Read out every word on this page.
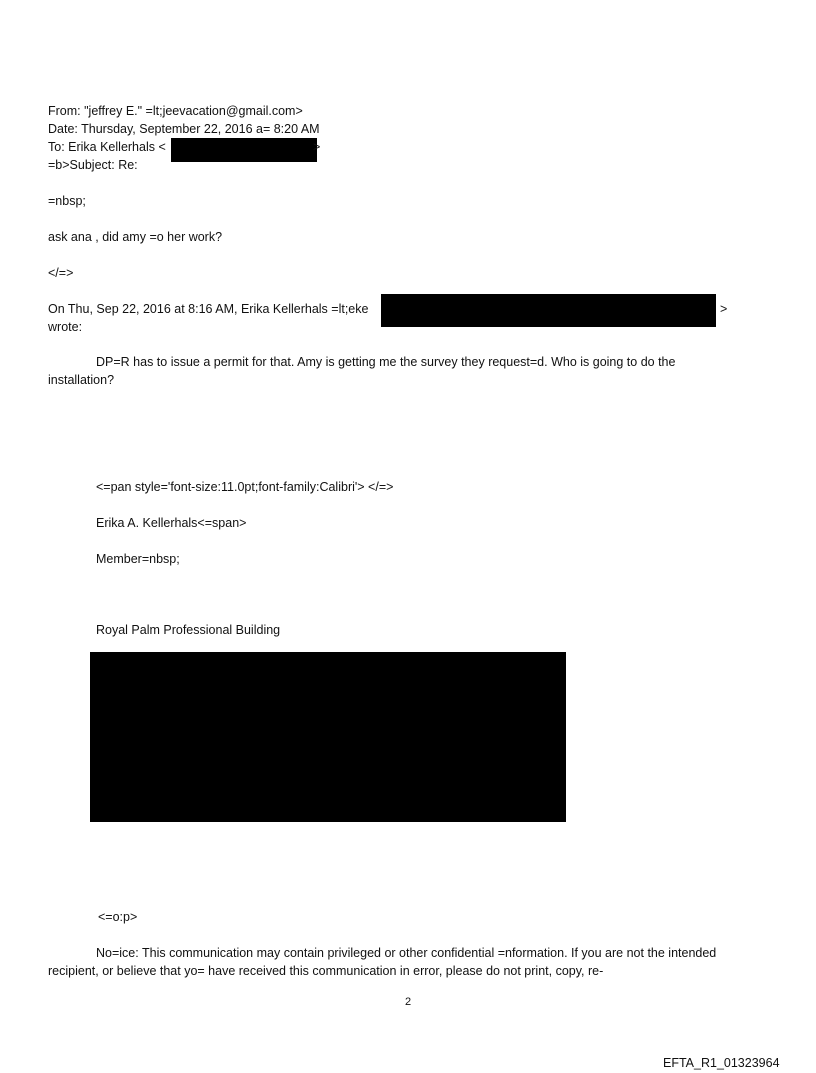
From: "jeffrey E." =lt;jeevacation@gmail.com>
Date: Thursday, September 22, 2016 a= 8:20 AM
To: Erika Kellerhals <	>
=b>Subject: Re:
=nbsp;
ask ana , did amy =o her work?
</=>
On Thu, Sep 22, 2016 at 8:16 AM, Erika Kellerhals =lt;eke	>
wrote:
DP=R has to issue a permit for that. Amy is getting me the survey they request=d. Who is going to do the installation?
<=pan style='font-size:11.0pt;font-family:Calibri'> </=>
Erika A. Kellerhals<=span>
Member=nbsp;
Royal Palm Professional Building
<=o:p>
No=ice: This communication may contain privileged or other confidential =nformation. If you are not the intended recipient, or believe that yo= have received this communication in error, please do not print, copy, re-
2
EFTA_R1_01323964
